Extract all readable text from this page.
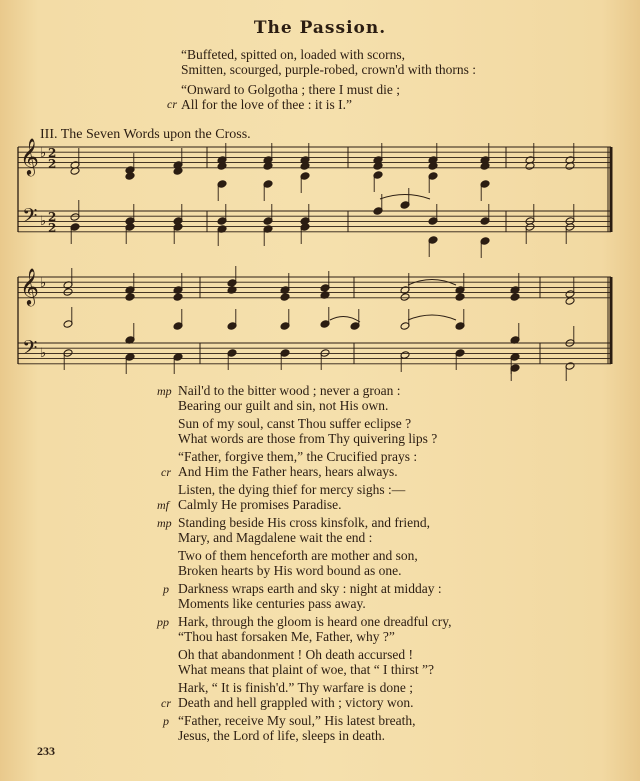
The Passion.
“Buffeted, spitted on, loaded with scorns,
Smitten, scourged, purple-robed, crown'd with thorns :
“Onward to Golgotha ; there I must die ;
cr All for the love of thee : it is I.”
III. The Seven Words upon the Cross.
𝄞 ♭ 2
2
𝄢 ♭ 2
2
𝄞 ♭
𝄢 ♭
mp Nail'd to the bitter wood ; never a groan :
Bearing our guilt and sin, not His own.
Sun of my soul, canst Thou suffer eclipse ?
What words are those from Thy quivering lips ?
cr
“Father, forgive them,” the Crucified prays :
And Him the Father hears, hears always.
mf
Listen, the dying thief for mercy sighs :—
Calmly He promises Paradise.
mp Standing beside His cross kinsfolk, and friend,
Mary, and Magdalene wait the end :
Two of them henceforth are mother and son,
Broken hearts by His word bound as one.
p Darkness wraps earth and sky : night at midday :
Moments like centuries pass away.
pp Hark, through the gloom is heard one dreadful cry,
“Thou hast forsaken Me, Father, why ?”
Oh that abandonment ! Oh death accursed !
What means that plaint of woe, that “ I thirst ”?
cr
Hark, “ It is finish'd.” Thy warfare is done ;
Death and hell grappled with ; victory won.
p “Father, receive My soul,” His latest breath,
Jesus, the Lord of life, sleeps in death.
233
